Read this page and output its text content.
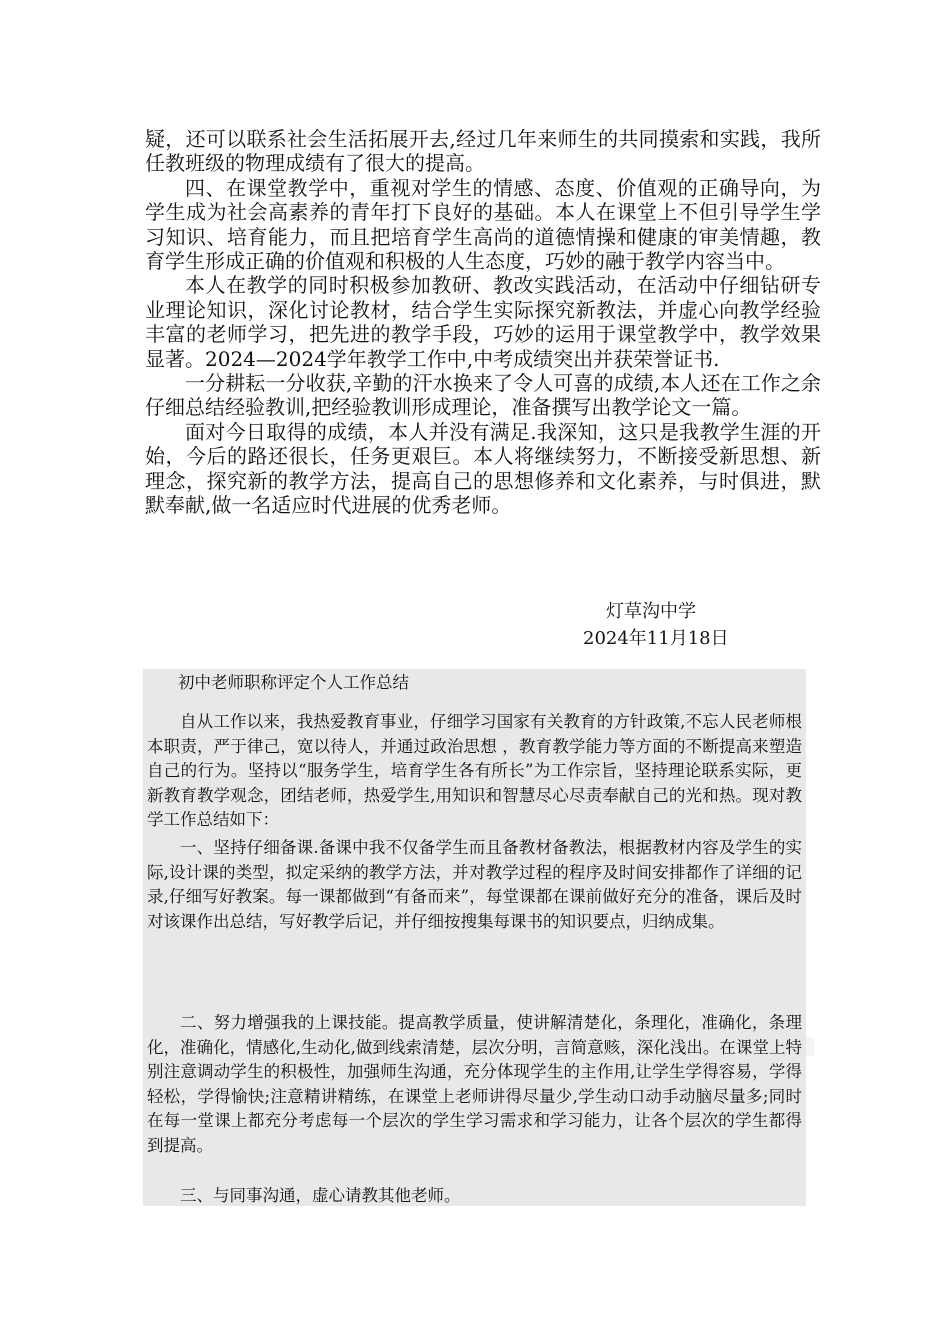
疑，还可以联系社会生活拓展开去,经过几年来师生的共同摸索和实践，我所任教班级的物理成绩有了很大的提高。

四、在课堂教学中，重视对学生的情感、态度、价值观的正确导向，为学生成为社会高素养的青年打下良好的基础。本人在课堂上不但引导学生学习知识、培育能力，而且把培育学生高尚的道德情操和健康的审美情趣，教育学生形成正确的价值观和积极的人生态度，巧妙的融于教学内容当中。

本人在教学的同时积极参加教研、教改实践活动，在活动中仔细钻研专业理论知识，深化讨论教材，结合学生实际探究新教法，并虚心向教学经验丰富的老师学习，把先进的教学手段，巧妙的运用于课堂教学中，教学效果显著。2024—2024学年教学工作中,中考成绩突出并获荣誉证书.

一分耕耘一分收获,辛勤的汗水换来了令人可喜的成绩,本人还在工作之余仔细总结经验教训,把经验教训形成理论，准备撰写出教学论文一篇。

面对今日取得的成绩，本人并没有满足.我深知，这只是我教学生涯的开始，今后的路还很长，任务更艰巨。本人将继续努力，不断接受新思想、新理念，探究新的教学方法，提高自己的思想修养和文化素养，与时俱进，默默奉献,做一名适应时代进展的优秀老师。

灯草沟中学
2024年11月18日
初中老师职称评定个人工作总结

自从工作以来，我热爱教育事业，仔细学习国家有关教育的方针政策,不忘人民老师根本职责，严于律己，宽以待人，并通过政治思想 ，教育教学能力等方面的不断提高来塑造自己的行为。坚持以“服务学生，培育学生各有所长”为工作宗旨，坚持理论联系实际，更新教育教学观念，团结老师，热爱学生,用知识和智慧尽心尽责奉献自己的光和热。现对教学工作总结如下：

一、坚持仔细备课.备课中我不仅备学生而且备教材备教法，根据教材内容及学生的实际,设计课的类型，拟定采纳的教学方法，并对教学过程的程序及时间安排都作了详细的记录,仔细写好教案。每一课都做到“有备而来”，每堂课都在课前做好充分的准备，课后及时对该课作出总结，写好教学后记，并仔细按搜集每课书的知识要点，归纳成集。

二、努力增强我的上课技能。提高教学质量，使讲解清楚化，条理化，准确化，条理化，准确化，情感化,生动化,做到线索清楚，层次分明，言简意赅，深化浅出。在课堂上特别注意调动学生的积极性，加强师生沟通，充分体现学生的主作用,让学生学得容易，学得轻松，学得愉快;注意精讲精练，在课堂上老师讲得尽量少,学生动口动手动脑尽量多;同时在每一堂课上都充分考虑每一个层次的学生学习需求和学习能力，让各个层次的学生都得到提高。

三、与同事沟通，虚心请教其他老师。
